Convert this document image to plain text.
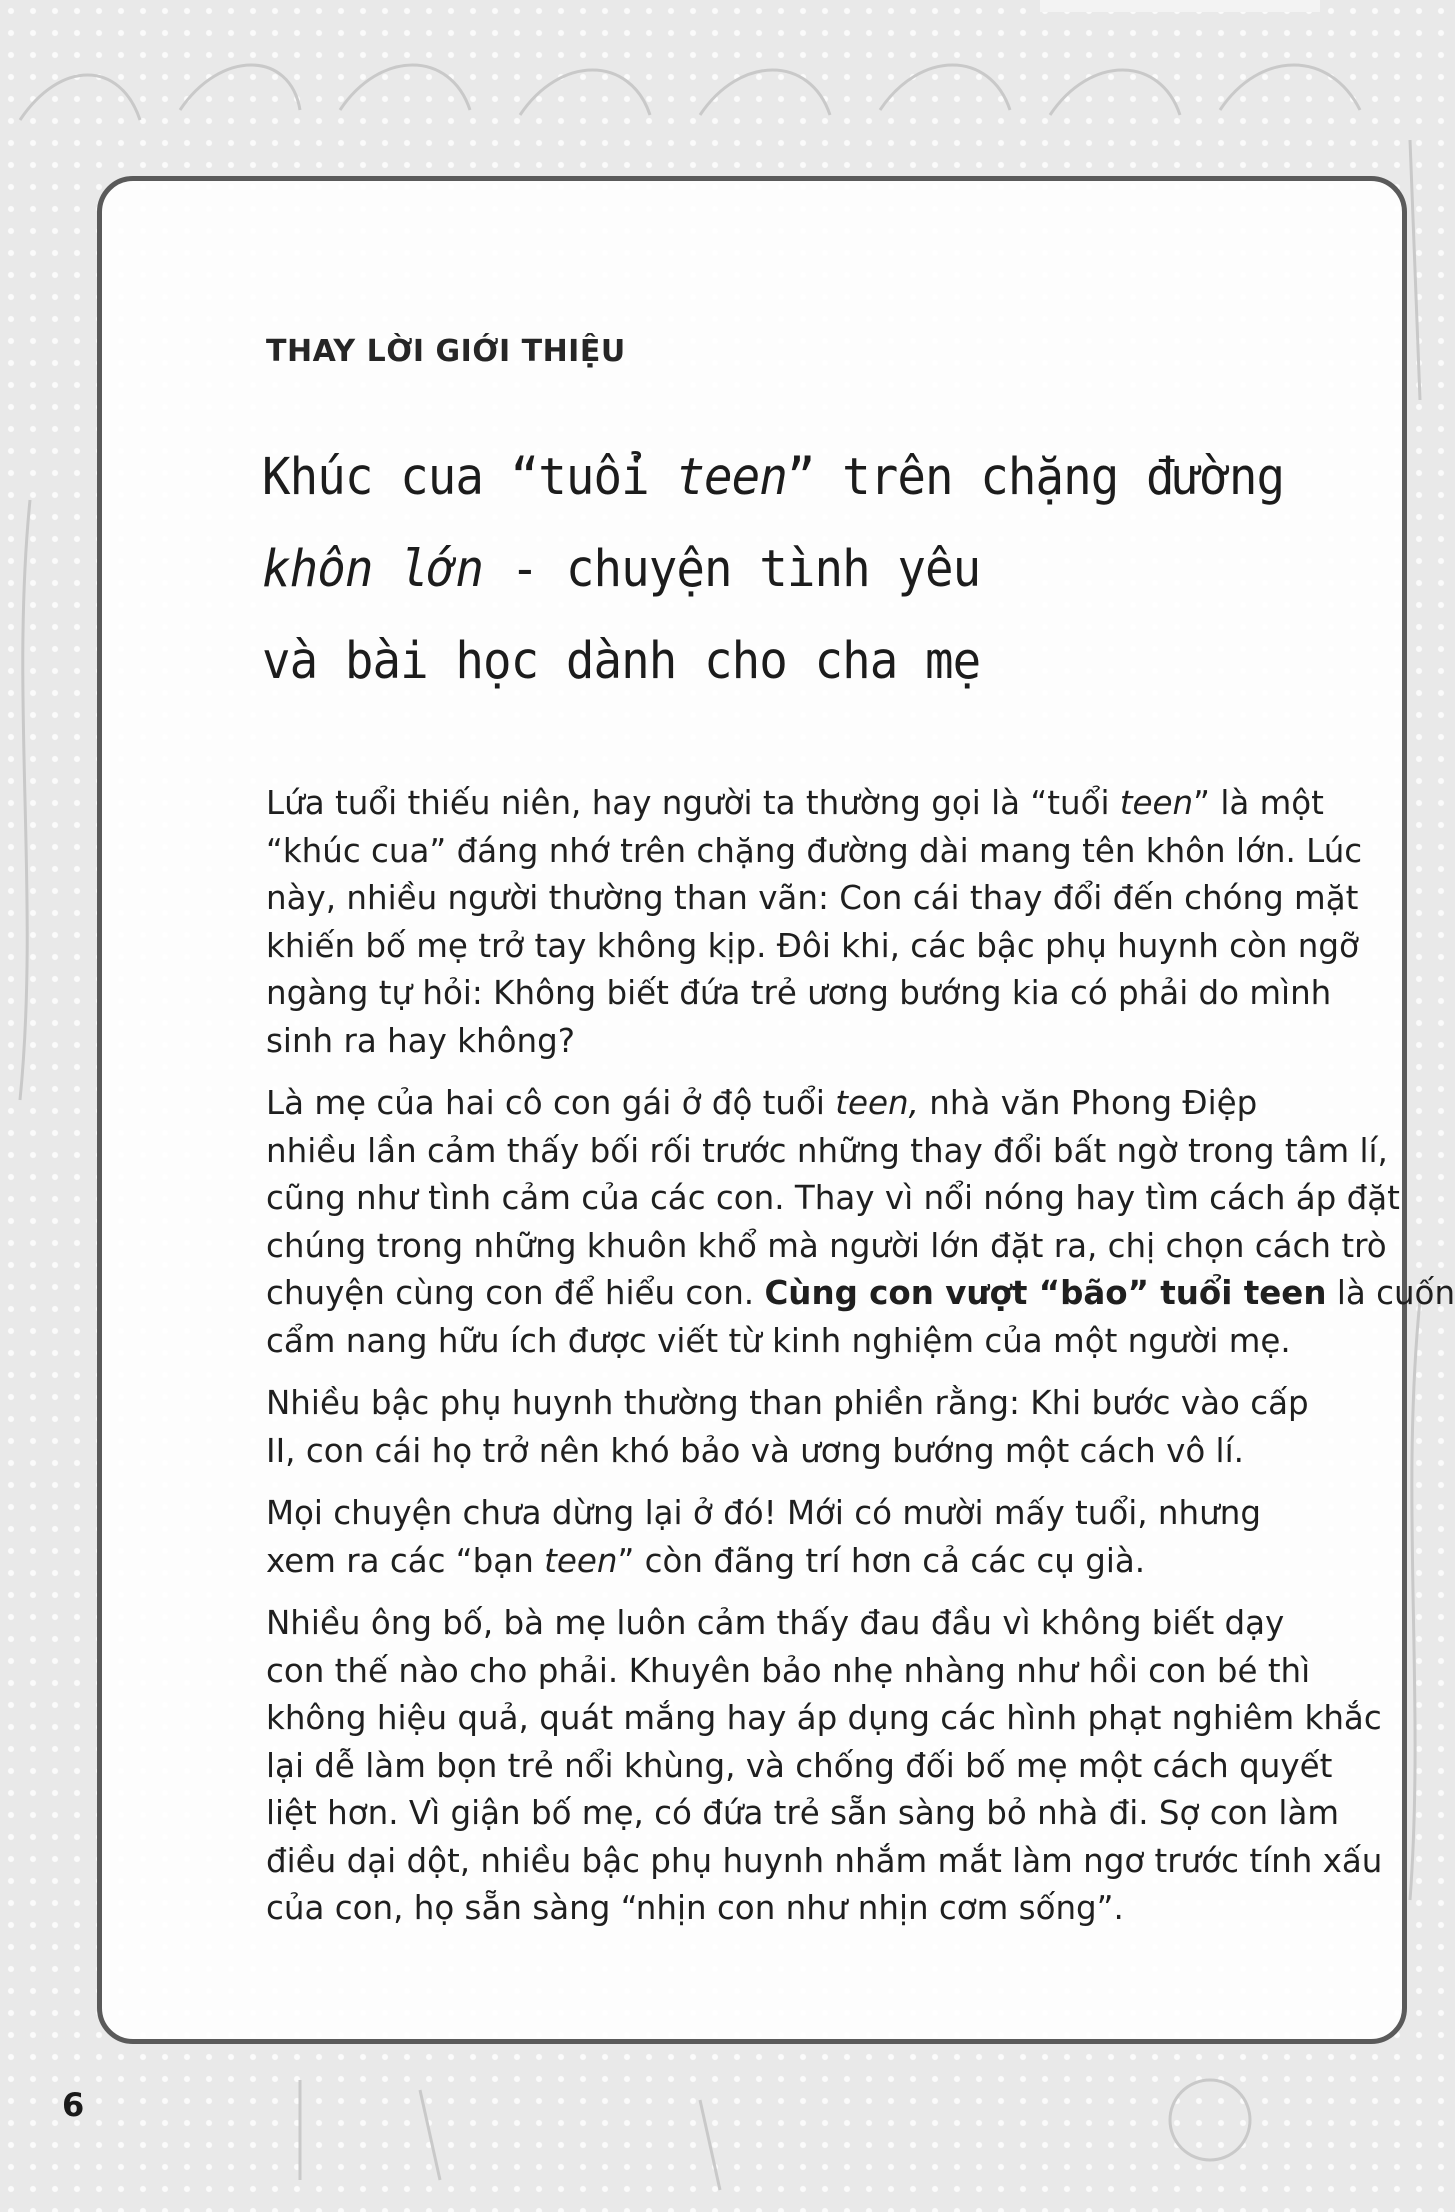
THAY LỜI GIỚI THIỆU
Khúc cua “tuổi teen” trên chặng đường
khôn lớn - chuyện tình yêu
và bài học dành cho cha mẹ

Lứa tuổi thiếu niên, hay người ta thường gọi là “tuổi teen” là một
“khúc cua” đáng nhớ trên chặng đường dài mang tên khôn lớn. Lúc
này, nhiều người thường than vãn: Con cái thay đổi đến chóng mặt
khiến bố mẹ trở tay không kịp. Đôi khi, các bậc phụ huynh còn ngỡ
ngàng tự hỏi: Không biết đứa trẻ ương bướng kia có phải do mình
sinh ra hay không?

Là mẹ của hai cô con gái ở độ tuổi teen, nhà văn Phong Điệp
nhiều lần cảm thấy bối rối trước những thay đổi bất ngờ trong tâm lí,
cũng như tình cảm của các con. Thay vì nổi nóng hay tìm cách áp đặt
chúng trong những khuôn khổ mà người lớn đặt ra, chị chọn cách trò
chuyện cùng con để hiểu con. Cùng con vượt “bão” tuổi teen là cuốn
cẩm nang hữu ích được viết từ kinh nghiệm của một người mẹ.

Nhiều bậc phụ huynh thường than phiền rằng: Khi bước vào cấp
II, con cái họ trở nên khó bảo và ương bướng một cách vô lí.

Mọi chuyện chưa dừng lại ở đó! Mới có mười mấy tuổi, nhưng
xem ra các “bạn teen” còn đãng trí hơn cả các cụ già.

Nhiều ông bố, bà mẹ luôn cảm thấy đau đầu vì không biết dạy
con thế nào cho phải. Khuyên bảo nhẹ nhàng như hồi con bé thì
không hiệu quả, quát mắng hay áp dụng các hình phạt nghiêm khắc
lại dễ làm bọn trẻ nổi khùng, và chống đối bố mẹ một cách quyết
liệt hơn. Vì giận bố mẹ, có đứa trẻ sẵn sàng bỏ nhà đi. Sợ con làm
điều dại dột, nhiều bậc phụ huynh nhắm mắt làm ngơ trước tính xấu
của con, họ sẵn sàng “nhịn con như nhịn cơm sống”.

6
